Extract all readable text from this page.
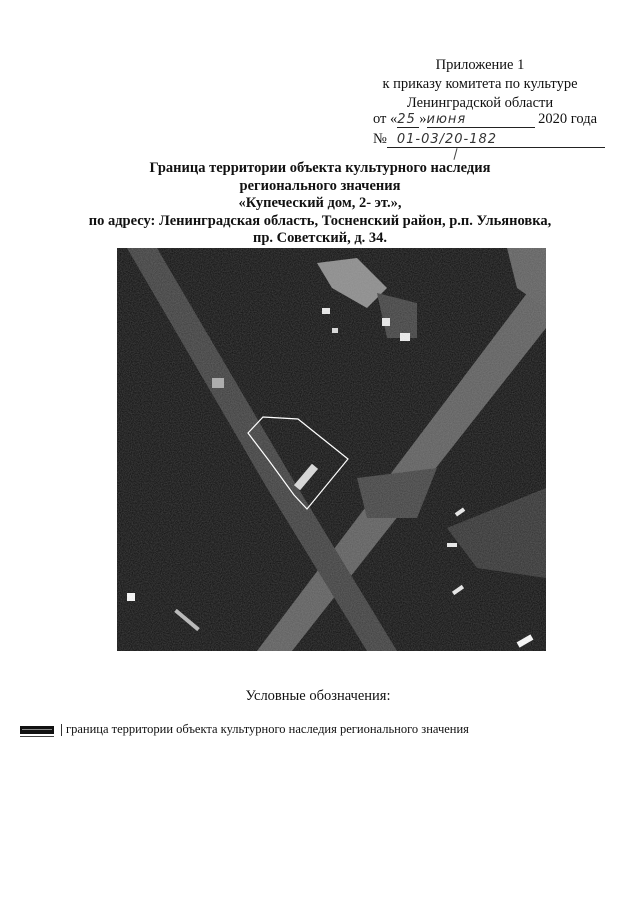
Приложение 1
к приказу комитета по культуре
Ленинградской области
от «25 »июня	2020 года
№ 01-03/20-182
Граница территории объекта культурного наследия
регионального значения
«Купеческий дом, 2- эт.»,
по адресу: Ленинградская область, Тосненский район, р.п. Ульяновка,
пр. Советский, д. 34.
Условные обозначения:
граница территории объекта культурного наследия регионального значения
